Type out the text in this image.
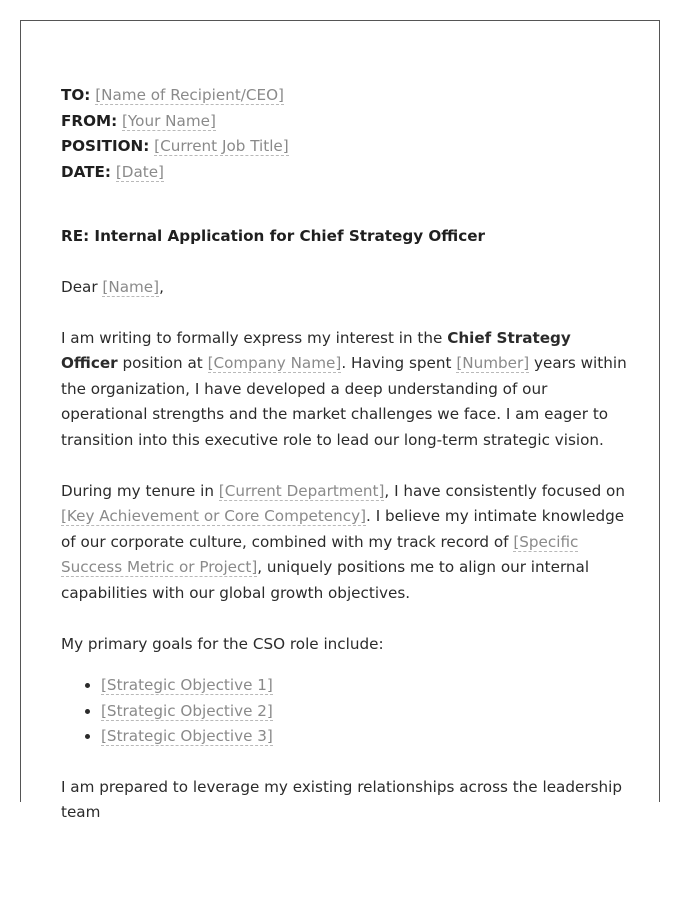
TO: [Name of Recipient/CEO]
FROM: [Your Name]
POSITION: [Current Job Title]
DATE: [Date]
RE: Internal Application for Chief Strategy Officer

Dear [Name],

I am writing to formally express my interest in the Chief Strategy Officer position at [Company Name]. Having spent [Number] years within the organization, I have developed a deep understanding of our operational strengths and the market challenges we face. I am eager to transition into this executive role to lead our long-term strategic vision.

During my tenure in [Current Department], I have consistently focused on [Key Achievement or Core Competency]. I believe my intimate knowledge of our corporate culture, combined with my track record of [Specific Success Metric or Project], uniquely positions me to align our internal capabilities with our global growth objectives.

My primary goals for the CSO role include:

• [Strategic Objective 1]
• [Strategic Objective 2]
• [Strategic Objective 3]

I am prepared to leverage my existing relationships across the leadership team
